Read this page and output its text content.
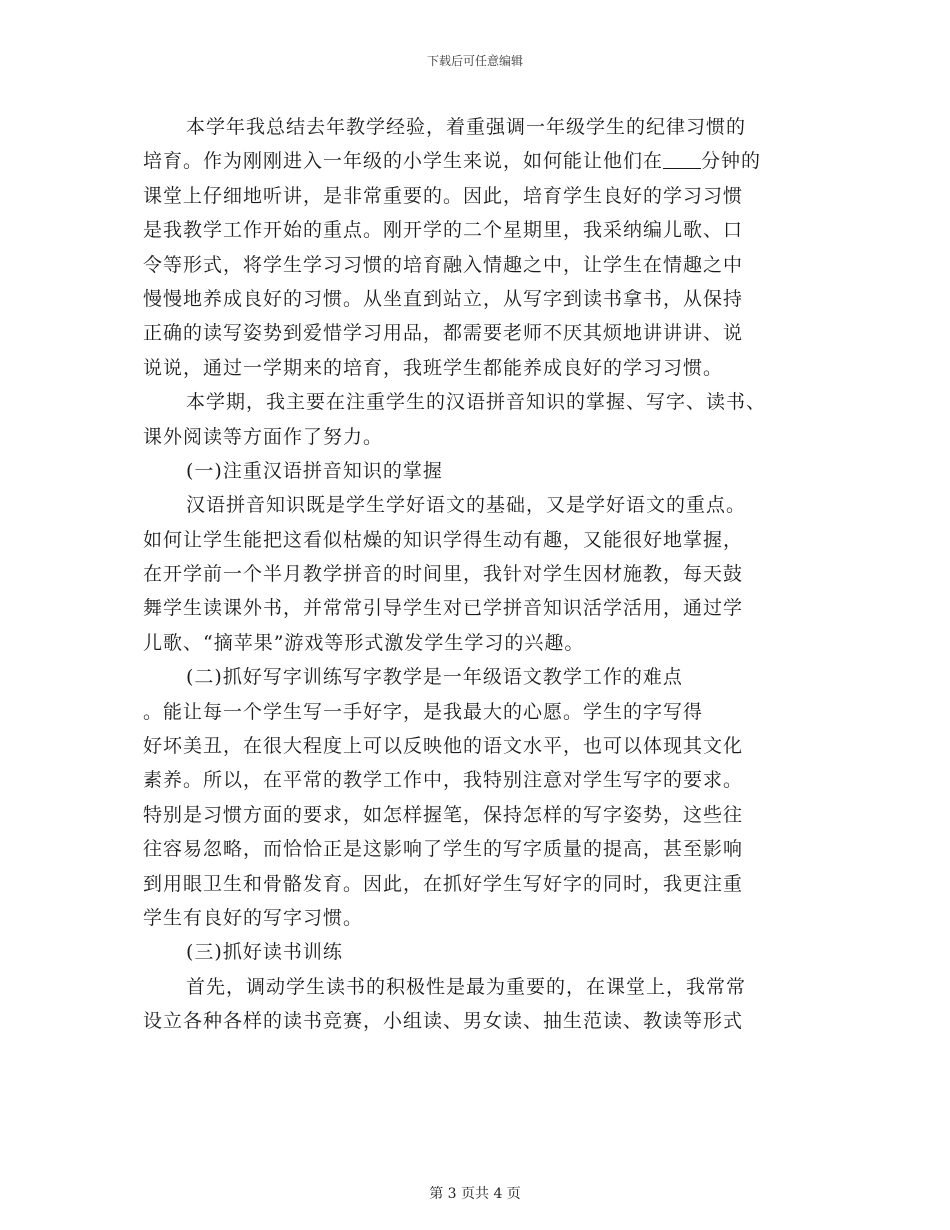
下载后可任意编辑
本学年我总结去年教学经验，着重强调一年级学生的纪律习惯的
培育。作为刚刚进入一年级的小学生来说，如何能让他们在 分钟的
课堂上仔细地听讲，是非常重要的。因此，培育学生良好的学习习惯
是我教学工作开始的重点。刚开学的二个星期里，我采纳编儿歌、口
令等形式，将学生学习习惯的培育融入情趣之中，让学生在情趣之中
慢慢地养成良好的习惯。从坐直到站立，从写字到读书拿书，从保持
正确的读写姿势到爱惜学习用品，都需要老师不厌其烦地讲讲讲、说
说说，通过一学期来的培育，我班学生都能养成良好的学习习惯。
本学期，我主要在注重学生的汉语拼音知识的掌握、写字、读书、
课外阅读等方面作了努力。
(一)注重汉语拼音知识的掌握
汉语拼音知识既是学生学好语文的基础，又是学好语文的重点。
如何让学生能把这看似枯燥的知识学得生动有趣，又能很好地掌握，
在开学前一个半月教学拼音的时间里，我针对学生因材施教，每天鼓
舞学生读课外书，并常常引导学生对已学拼音知识活学活用，通过学
儿歌、“摘苹果”游戏等形式激发学生学习的兴趣。
(二)抓好写字训练写字教学是一年级语文教学工作的难点
。能让每一个学生写一手好字，是我最大的心愿。学生的字写得
好坏美丑，在很大程度上可以反映他的语文水平，也可以体现其文化
素养。所以，在平常的教学工作中，我特别注意对学生写字的要求。
特别是习惯方面的要求，如怎样握笔，保持怎样的写字姿势，这些往
往容易忽略，而恰恰正是这影响了学生的写字质量的提高，甚至影响
到用眼卫生和骨骼发育。因此，在抓好学生写好字的同时，我更注重
学生有良好的写字习惯。
(三)抓好读书训练
首先，调动学生读书的积极性是最为重要的，在课堂上，我常常
设立各种各样的读书竞赛，小组读、男女读、抽生范读、教读等形式
第 3 页共 4 页
